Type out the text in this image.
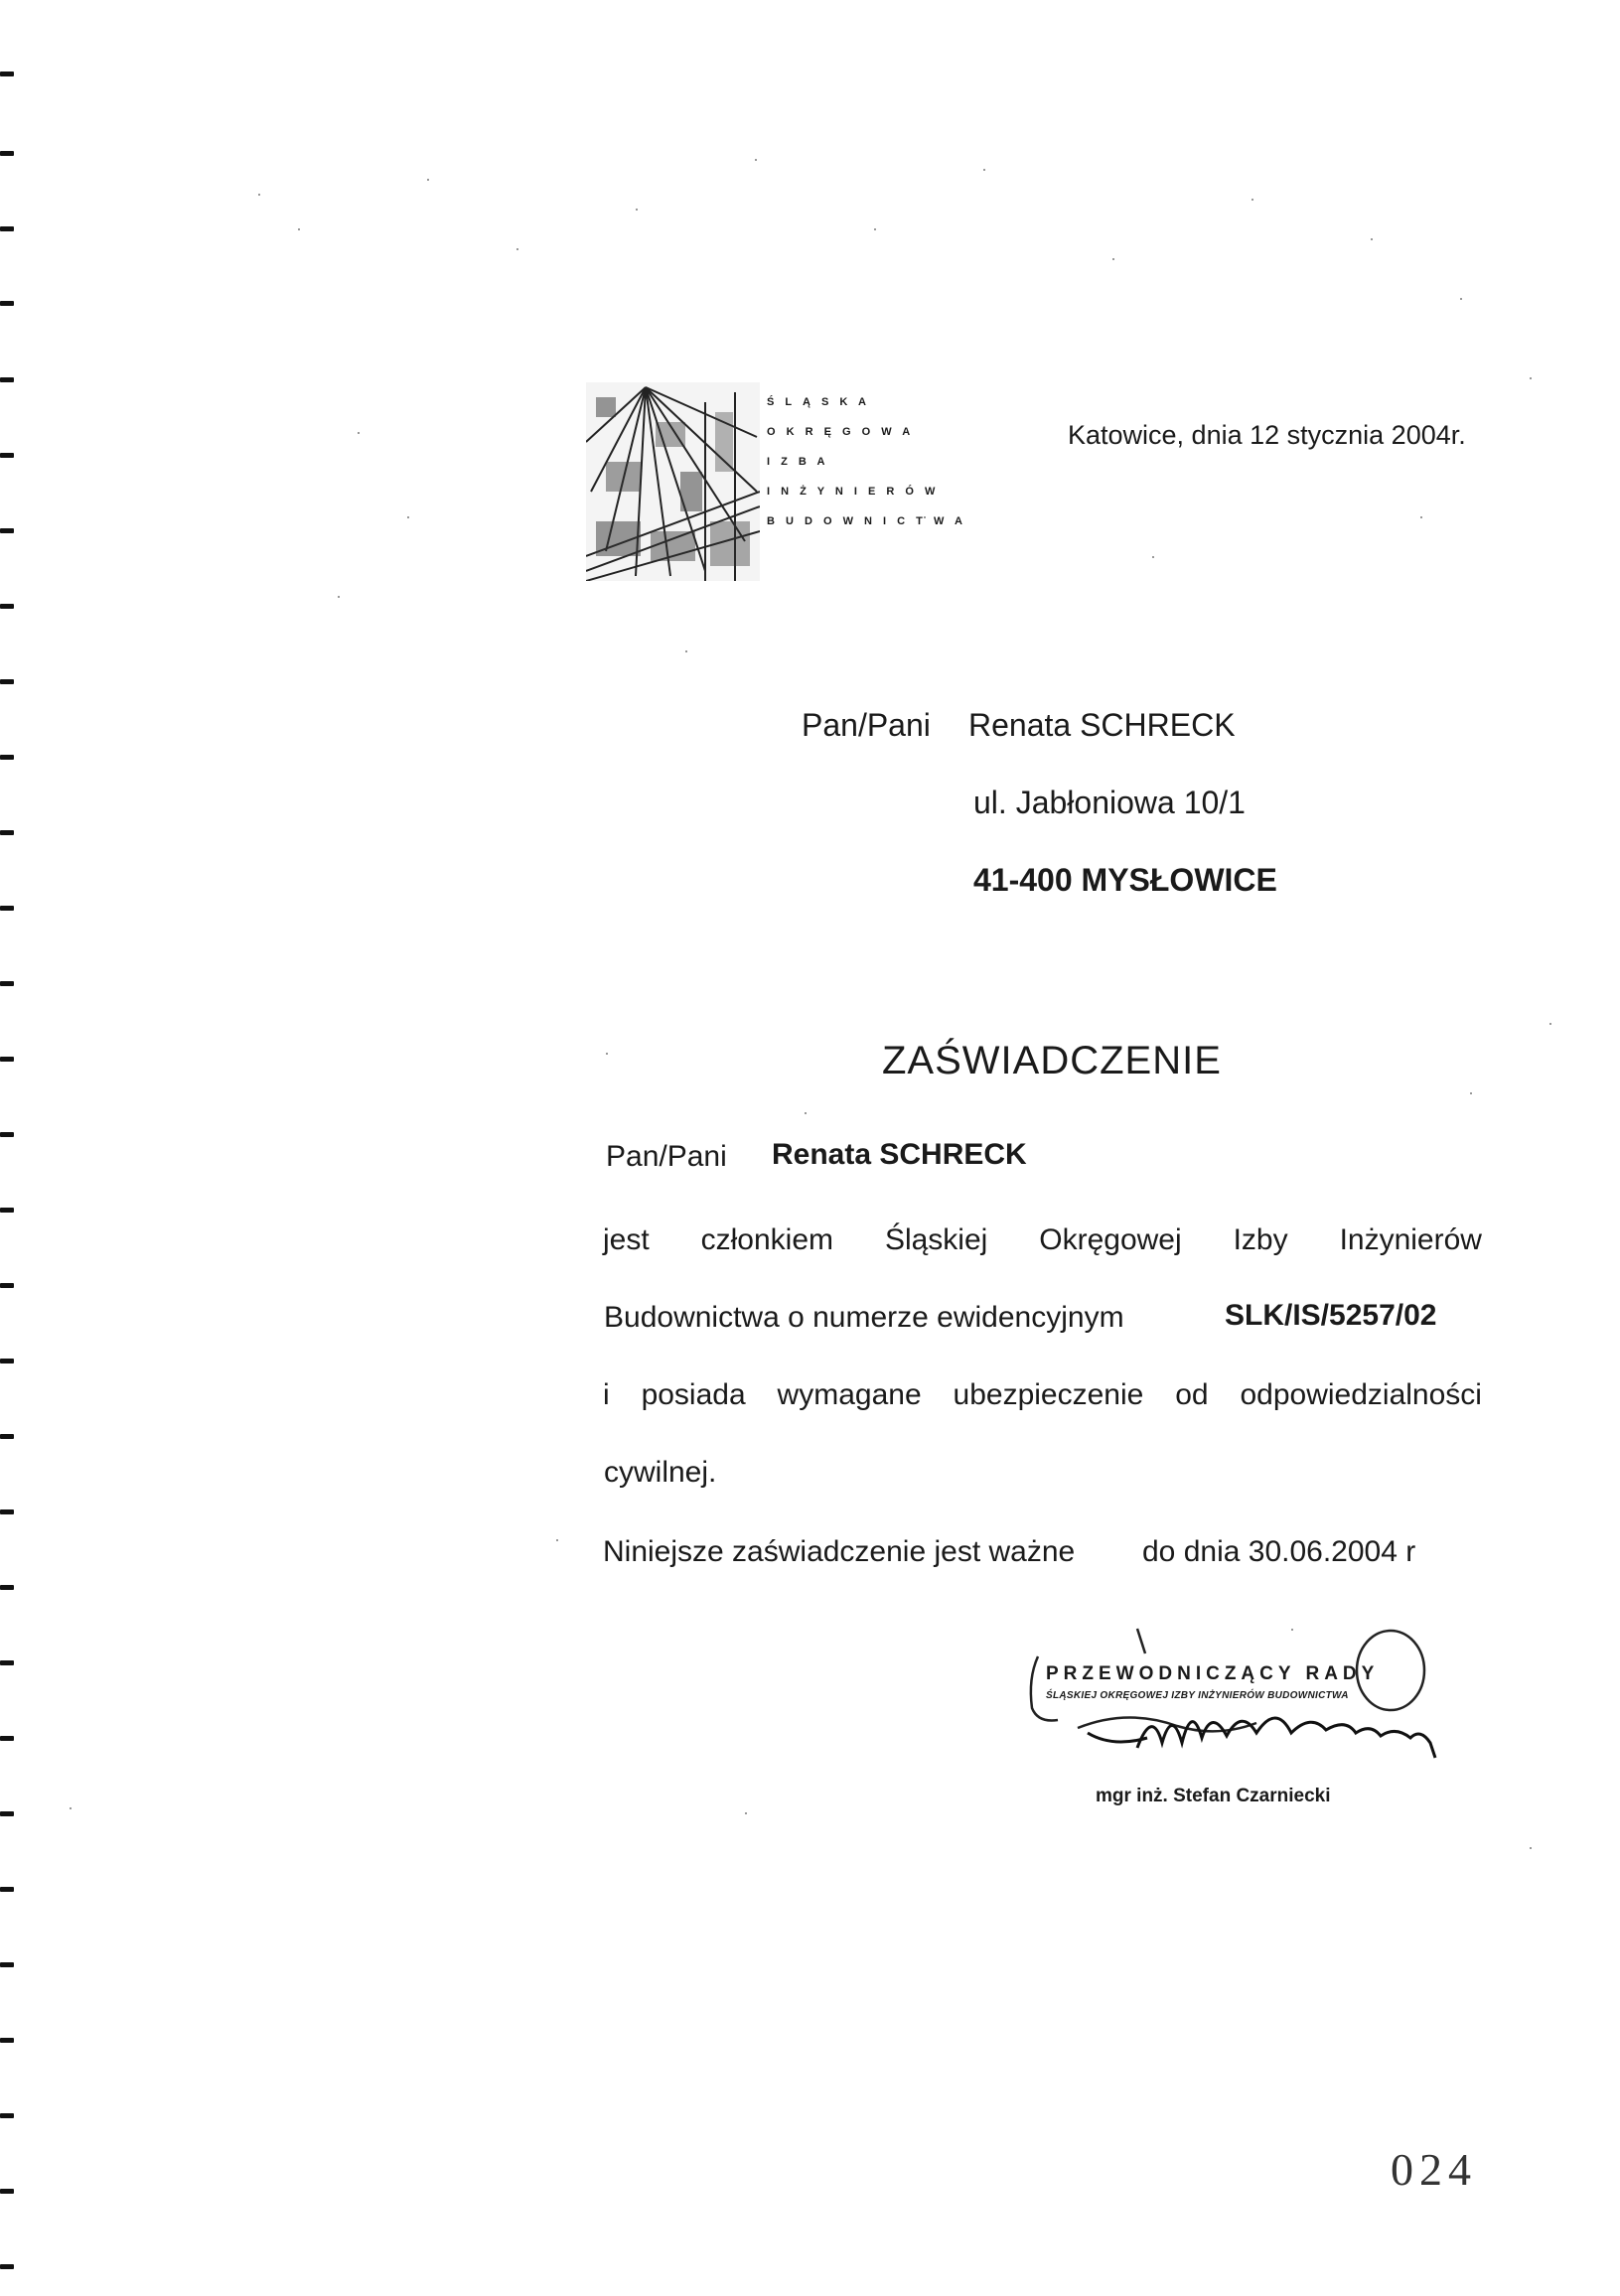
Ś L Ą S K A
O K R Ę G O W A
I Z B A
I N Ż Y N I E R Ó W
B U D O W N I C T W A
Katowice, dnia 12 stycznia 2004r.
Pan/Pani Renata SCHRECK
ul. Jabłoniowa 10/1
41-400 MYSŁOWICE
ZAŚWIADCZENIE
Pan/Pani Renata SCHRECK
jest członkiem Śląskiej Okręgowej Izby Inżynierów
Budownictwa o numerze ewidencyjnym	SLK/IS/5257/02
i posiada wymagane ubezpieczenie od odpowiedzialności
cywilnej.
Niniejsze zaświadczenie jest ważne do dnia 30.06.2004 r
PRZEWODNICZĄCY RADY
ŚLĄSKIEJ OKRĘGOWEJ IZBY INŻYNIERÓW BUDOWNICTWA
mgr inż. Stefan Czarniecki
024
